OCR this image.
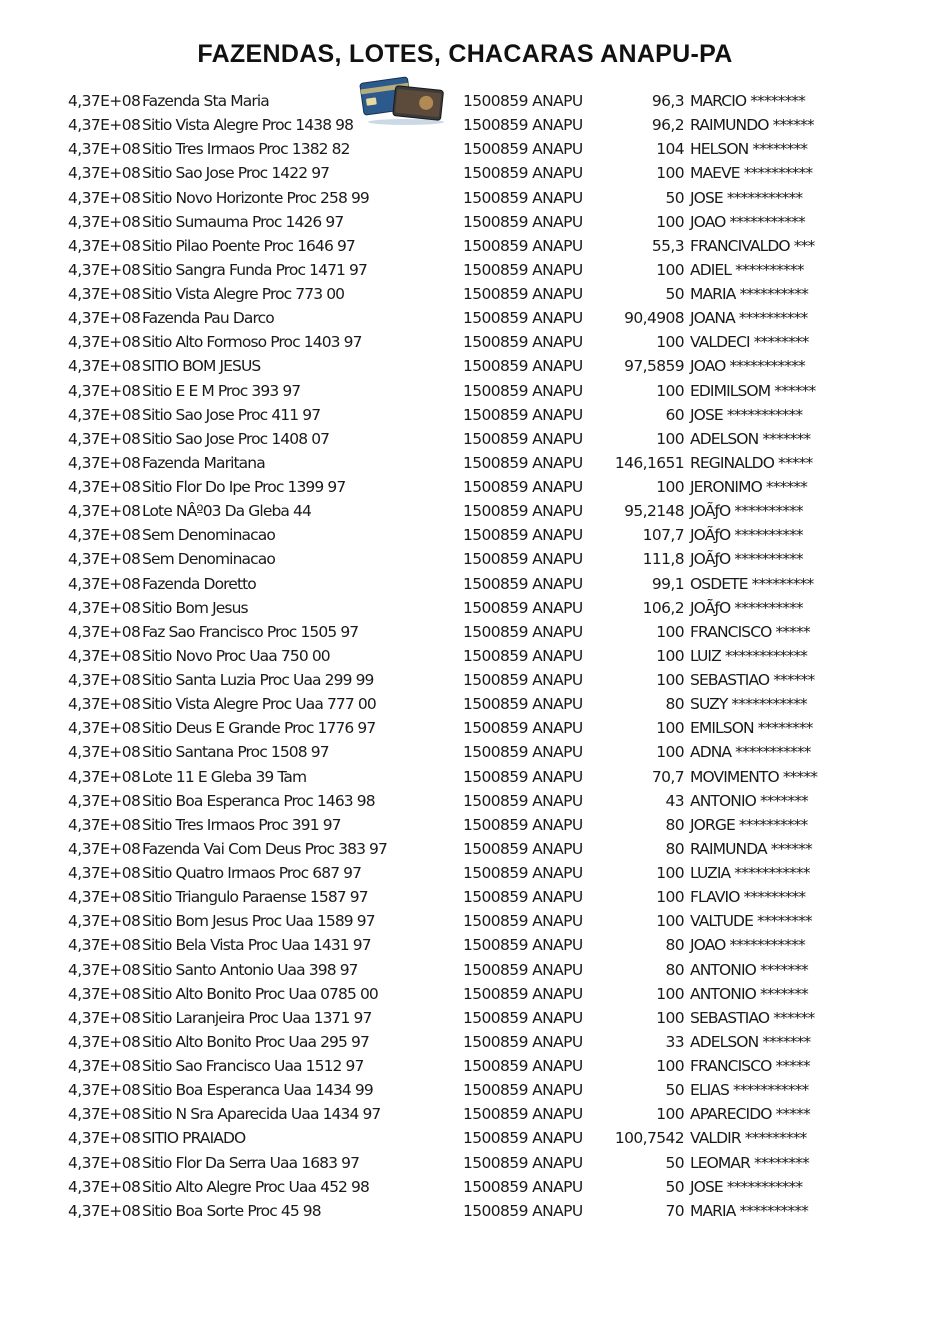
FAZENDAS, LOTES, CHACARAS ANAPU-PA
4,37E+08 Fazenda Sta Maria	1500859 ANAPU	96,3 MARCIO ********
4,37E+08 Sitio Vista Alegre Proc 1438 98	1500859 ANAPU	96,2 RAIMUNDO ******
4,37E+08 Sitio Tres Irmaos Proc 1382 82	1500859 ANAPU	104 HELSON ********
4,37E+08 Sitio Sao Jose Proc 1422 97	1500859 ANAPU	100 MAEVE **********
4,37E+08 Sitio Novo Horizonte Proc 258 99	1500859 ANAPU	50 JOSE ***********
4,37E+08 Sitio Sumauma Proc 1426 97	1500859 ANAPU	100 JOAO ***********
4,37E+08 Sitio Pilao Poente Proc 1646 97	1500859 ANAPU	55,3 FRANCIVALDO ***
4,37E+08 Sitio Sangra Funda Proc 1471 97	1500859 ANAPU	100 ADIEL **********
4,37E+08 Sitio Vista Alegre Proc 773 00	1500859 ANAPU	50 MARIA **********
4,37E+08 Fazenda Pau Darco	1500859 ANAPU	90,4908 JOANA **********
4,37E+08 Sitio Alto Formoso Proc 1403 97	1500859 ANAPU	100 VALDECI ********
4,37E+08 SITIO BOM JESUS	1500859 ANAPU	97,5859 JOAO ***********
4,37E+08 Sitio E E M Proc 393 97	1500859 ANAPU	100 EDIMILSOM ******
4,37E+08 Sitio Sao Jose Proc 411 97	1500859 ANAPU	60 JOSE ***********
4,37E+08 Sitio Sao Jose Proc 1408 07	1500859 ANAPU	100 ADELSON *******
4,37E+08 Fazenda Maritana	1500859 ANAPU 146,1651 REGINALDO *****
4,37E+08 Sitio Flor Do Ipe Proc 1399 97	1500859 ANAPU	100 JERONIMO ******
4,37E+08 Lote NÂº03 Da Gleba 44	1500859 ANAPU	95,2148 JOÃƒO **********
4,37E+08 Sem Denominacao	1500859 ANAPU	107,7 JOÃƒO **********
4,37E+08 Sem Denominacao	1500859 ANAPU	111,8 JOÃƒO **********
4,37E+08 Fazenda Doretto	1500859 ANAPU	99,1 OSDETE *********
4,37E+08 Sitio Bom Jesus	1500859 ANAPU	106,2 JOÃƒO **********
4,37E+08 Faz Sao Francisco Proc 1505 97	1500859 ANAPU	100 FRANCISCO *****
4,37E+08 Sitio Novo Proc Uaa 750 00	1500859 ANAPU	100 LUIZ ************
4,37E+08 Sitio Santa Luzia Proc Uaa 299 99	1500859 ANAPU	100 SEBASTIAO ******
4,37E+08 Sitio Vista Alegre Proc Uaa 777 00	1500859 ANAPU	80 SUZY ***********
4,37E+08 Sitio Deus E Grande Proc 1776 97	1500859 ANAPU	100 EMILSON ********
4,37E+08 Sitio Santana Proc 1508 97	1500859 ANAPU	100 ADNA ***********
4,37E+08 Lote 11 E Gleba 39 Tam	1500859 ANAPU	70,7 MOVIMENTO *****
4,37E+08 Sitio Boa Esperanca Proc 1463 98	1500859 ANAPU	43 ANTONIO *******
4,37E+08 Sitio Tres Irmaos Proc 391 97	1500859 ANAPU	80 JORGE **********
4,37E+08 Fazenda Vai Com Deus Proc 383 97	1500859 ANAPU	80 RAIMUNDA ******
4,37E+08 Sitio Quatro Irmaos Proc 687 97	1500859 ANAPU	100 LUZIA ***********
4,37E+08 Sitio Triangulo Paraense 1587 97	1500859 ANAPU	100 FLAVIO *********
4,37E+08 Sitio Bom Jesus Proc Uaa 1589 97	1500859 ANAPU	100 VALTUDE ********
4,37E+08 Sitio Bela Vista Proc Uaa 1431 97	1500859 ANAPU	80 JOAO ***********
4,37E+08 Sitio Santo Antonio Uaa 398 97	1500859 ANAPU	80 ANTONIO *******
4,37E+08 Sitio Alto Bonito Proc Uaa 0785 00	1500859 ANAPU	100 ANTONIO *******
4,37E+08 Sitio Laranjeira Proc Uaa 1371 97	1500859 ANAPU	100 SEBASTIAO ******
4,37E+08 Sitio Alto Bonito Proc Uaa 295 97	1500859 ANAPU	33 ADELSON *******
4,37E+08 Sitio Sao Francisco Uaa 1512 97	1500859 ANAPU	100 FRANCISCO *****
4,37E+08 Sitio Boa Esperanca Uaa 1434 99	1500859 ANAPU	50 ELIAS ***********
4,37E+08 Sitio N Sra Aparecida Uaa 1434 97	1500859 ANAPU	100 APARECIDO *****
4,37E+08 SITIO PRAIADO	1500859 ANAPU 100,7542 VALDIR *********
4,37E+08 Sitio Flor Da Serra Uaa 1683 97	1500859 ANAPU	50 LEOMAR ********
4,37E+08 Sitio Alto Alegre Proc Uaa 452 98	1500859 ANAPU	50 JOSE ***********
4,37E+08 Sitio Boa Sorte Proc 45 98	1500859 ANAPU	70 MARIA **********
